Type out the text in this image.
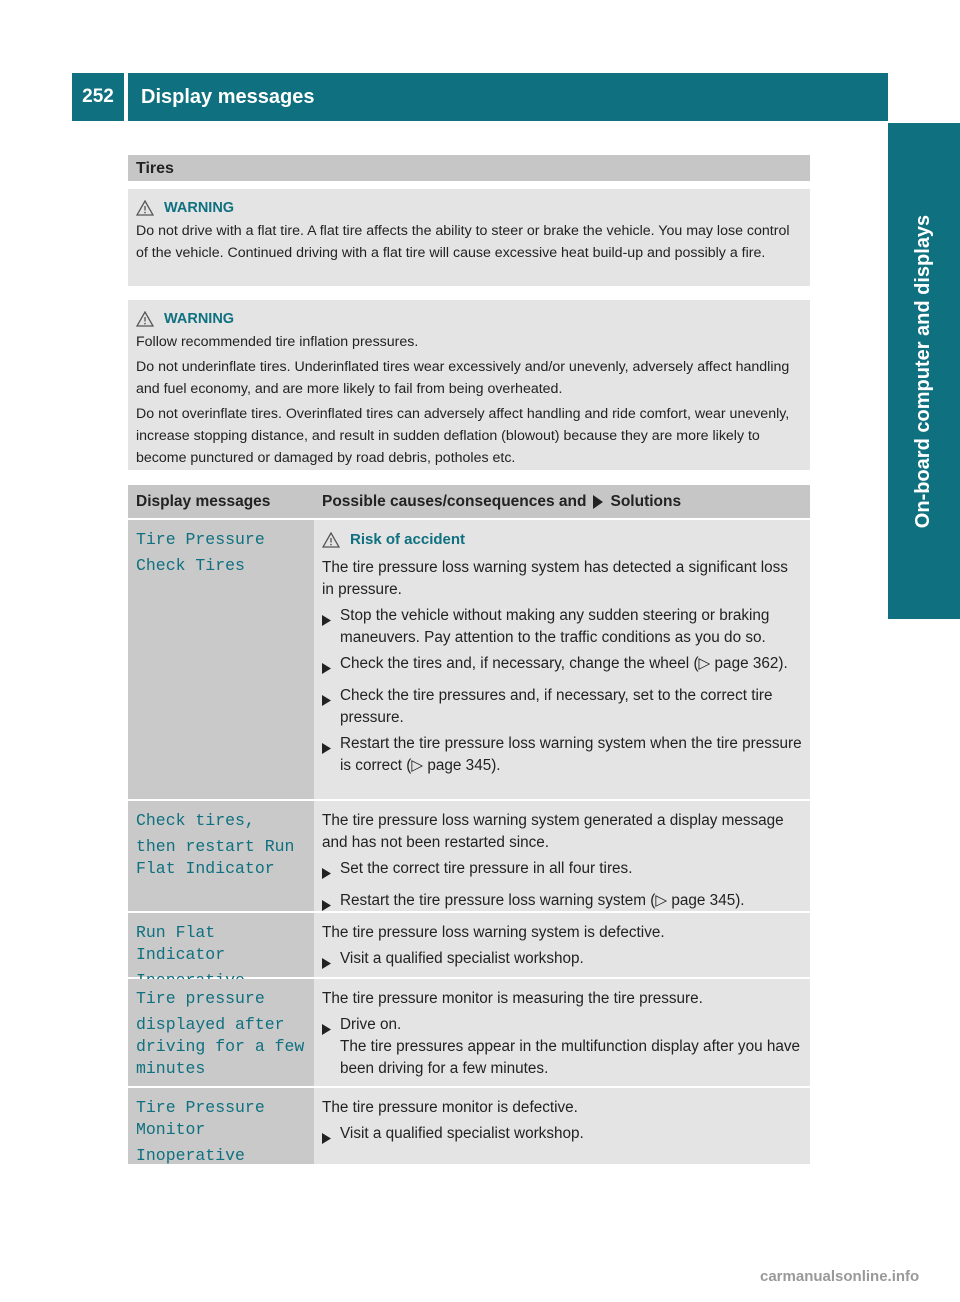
252	Display messages
On-board computer and displays
Tires
WARNING

Do not drive with a flat tire. A flat tire affects the ability to steer or brake the vehicle. You may lose control of the vehicle. Continued driving with a flat tire will cause excessive heat build-up and possibly a fire.

WARNING

Follow recommended tire inflation pressures.

Do not underinflate tires. Underinflated tires wear excessively and/or unevenly, adversely affect handling and fuel economy, and are more likely to fail from being overheated.

Do not overinflate tires. Overinflated tires can adversely affect handling and ride comfort, wear unevenly, increase stopping distance, and result in sudden deflation (blowout) because they are more likely to become punctured or damaged by road debris, potholes etc.

Display messages	Possible causes/consequences and Solutions
Tire Pressure
Check Tires
Risk of accident

The tire pressure loss warning system has detected a significant loss in pressure.

Stop the vehicle without making any sudden steering or braking maneuvers. Pay attention to the traffic conditions as you do so.
Check the tires and, if necessary, change the wheel (▷ page 362).
Check the tire pressures and, if necessary, set to the correct tire pressure.
Restart the tire pressure loss warning system when the tire pressure is correct (▷ page 345).
Check tires,
then restart Run
Flat Indicator

The tire pressure loss warning system generated a display message and has not been restarted since.

Set the correct tire pressure in all four tires.
Restart the tire pressure loss warning system (▷ page 345).
Run Flat Indicator

The tire pressure loss warning system is defective.

Visit a qualified specialist workshop.
Tire pressure
displayed after
driving for a few
minutes

The tire pressure monitor is measuring the tire pressure.

Drive on.
The tire pressures appear in the multifunction display after you have been driving for a few minutes.
Tire Pressure
Monitor
Inoperative

The tire pressure monitor is defective.

Visit a qualified specialist workshop.
carmanualsonline.info
